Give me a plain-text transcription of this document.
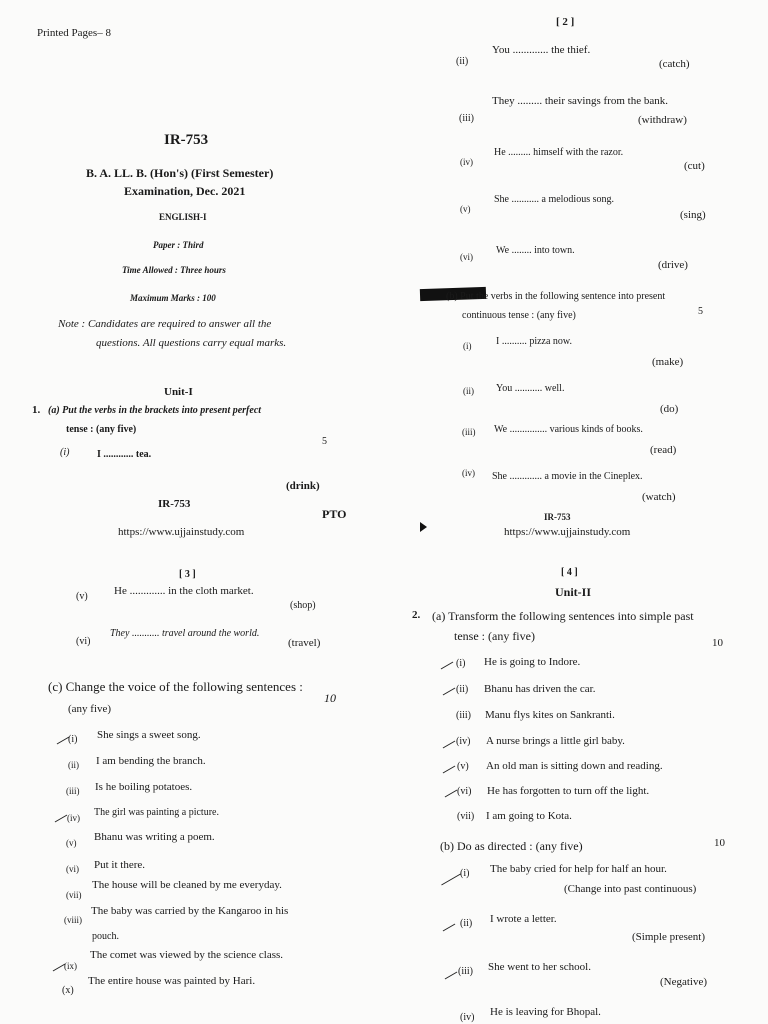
Printed Pages– 8
IR-753
B. A. LL. B. (Hon's) (First Semester)
Examination, Dec. 2021
ENGLISH-I
Paper : Third
Time Allowed : Three hours
Maximum Marks : 100
Note : Candidates are required to answer all the
questions. All questions carry equal marks.
Unit-I
1. (a) Put the verbs in the brackets into present perfect
tense : (any five)
5
(i)	I ............ tea.
(drink)
IR-753
PTO
https://www.ujjainstudy.com
[ 2 ]
(ii)
You ............. the thief.
(catch)
(iii)
They ......... their savings from the bank.
(withdraw)
(iv)
He ......... himself with the razor.
(cut)
(v)
She ........... a melodious song.
(sing)
(vi)
We ........ into town.
(drive)
(b) Put the verbs in the following sentence into present
continuous tense : (any five)	5
(i) I .......... pizza now.
(make)
(ii) You ........... well.
(do)
(iii) We ............... various kinds of books.
(read)
(iv) She ............. a movie in the Cineplex.
(watch)
IR-753
https://www.ujjainstudy.com
[ 3 ]
(v) He ............. in the cloth market.
(shop)
(vi)
They ........... travel around the world.
(travel)
(c) Change the voice of the following sentences :
(any five)
10
(i) She sings a sweet song.
(ii) I am bending the branch.
(iii) Is he boiling potatoes.
(iv) The girl was painting a picture.
(v) Bhanu was writing a poem.
(vi) Put it there.
(vii)
The house will be cleaned by me everyday.
(viii)
The baby was carried by the Kangaroo in his
pouch.
(ix)
The comet was viewed by the science class.
(x)
The entire house was painted by Hari.
[ 4 ]
Unit-II
2. (a) Transform the following sentences into simple past
tense : (any five)	10
(i) He is going to Indore.
(ii) Bhanu has driven the car.
(iii) Manu flys kites on Sankranti.
(iv) A nurse brings a little girl baby.
(v) An old man is sitting down and reading.
(vi) He has forgotten to turn off the light.
(vii) I am going to Kota.
(b) Do as directed : (any five)	10
(i) The baby cried for help for half an hour.
(Change into past continuous)
(ii) I wrote a letter.
(Simple present)
(iii) She went to her school.
(Negative)
(iv) He is leaving for Bhopal.
